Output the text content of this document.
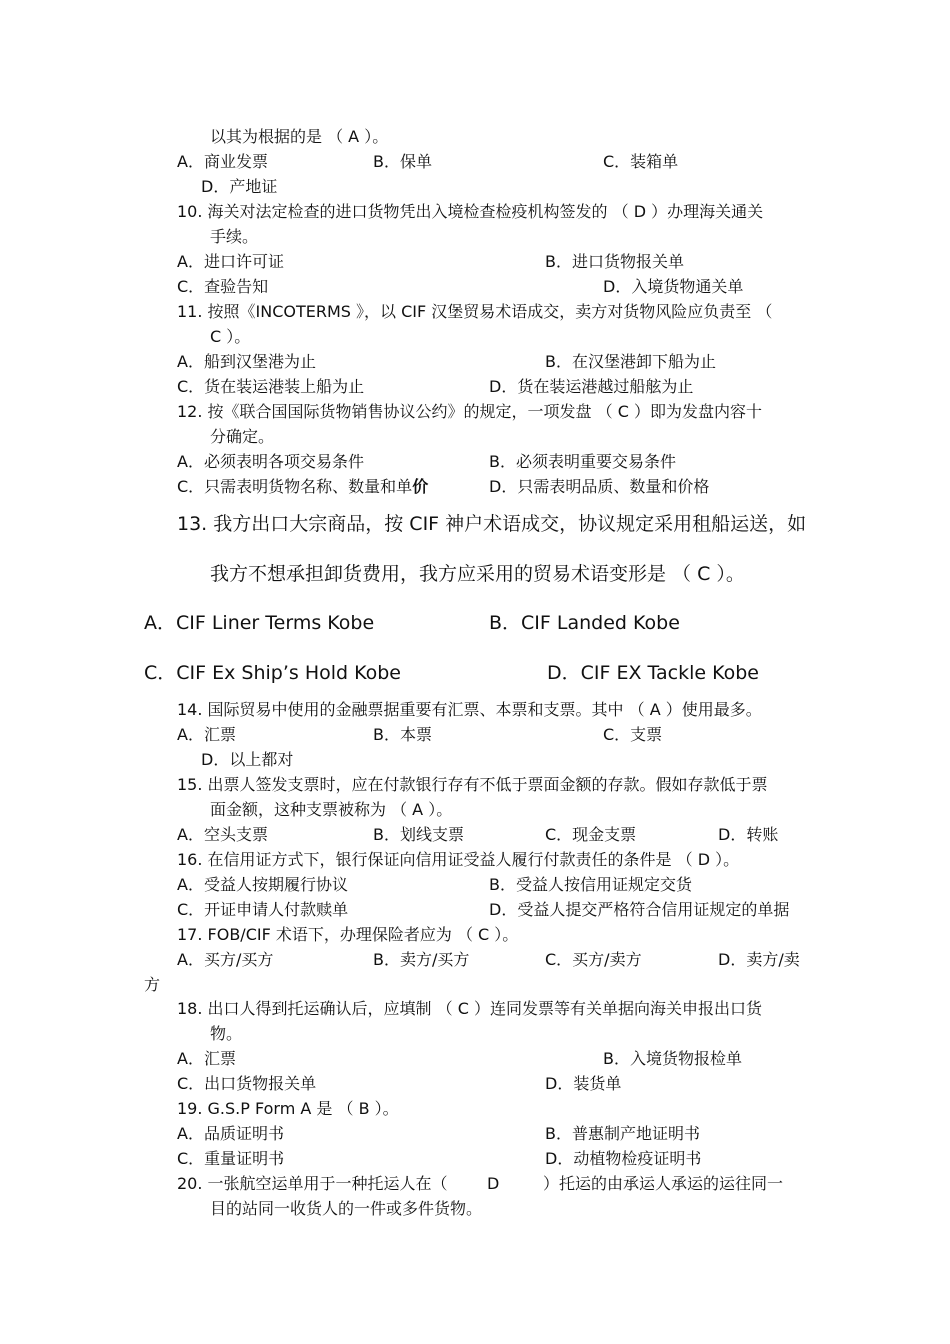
以其为根据的是 （ A ）。
A．商业发票	B．保单	C．装箱单
D．产地证
10. 海关对法定检查的进口货物凭出入境检查检疫机构签发的 （ D ）办理海关通关
手续。
A．进口许可证	B．进口货物报关单
C．查验告知	D．入境货物通关单
11. 按照《INCOTERMS 》，以 CIF 汉堡贸易术语成交，卖方对货物风险应负责至 （
C ）。
A．船到汉堡港为止	B．在汉堡港卸下船为止
C．货在装运港装上船为止	D．货在装运港越过船舷为止
12. 按《联合国国际货物销售协议公约》的规定，一项发盘 （ C ）即为发盘内容十
分确定。
A．必须表明各项交易条件	B．必须表明重要交易条件
C．只需表明货物名称、数量和单价	D．只需表明品质、数量和价格
13. 我方出口大宗商品，按 CIF 神户术语成交，协议规定采用租船运送，如
我方不想承担卸货费用，我方应采用的贸易术语变形是 （ C ）。
A．CIF Liner Terms Kobe	B．CIF Landed Kobe
C．CIF Ex Ship’s Hold Kobe	D．CIF EX Tackle Kobe
14. 国际贸易中使用的金融票据重要有汇票、本票和支票。其中 （ A ）使用最多。
A．汇票	B．本票	C．支票
D．以上都对
15. 出票人签发支票时，应在付款银行存有不低于票面金额的存款。假如存款低于票
面金额，这种支票被称为 （ A ）。
A．空头支票	B．划线支票	C．现金支票	D．转账
16. 在信用证方式下，银行保证向信用证受益人履行付款责任的条件是 （ D ）。
A．受益人按期履行协议	B．受益人按信用证规定交货
C．开证申请人付款赎单	D．受益人提交严格符合信用证规定的单据
17. FOB/CIF 术语下，办理保险者应为 （ C ）。
A．买方/买方	B．卖方/买方	C．买方/卖方	D．卖方/卖
方
18. 出口人得到托运确认后，应填制 （ C ）连同发票等有关单据向海关申报出口货
物。
A．汇票	B．入境货物报检单
C．出口货物报关单	D．装货单
19. G.S.P Form A 是 （ B ）。
A．品质证明书	B．普惠制产地证明书
C．重量证明书	D．动植物检疫证明书
20. 一张航空运单用于一种托运人在（ D	）托运的由承运人承运的运往同一
目的站同一收货人的一件或多件货物。
